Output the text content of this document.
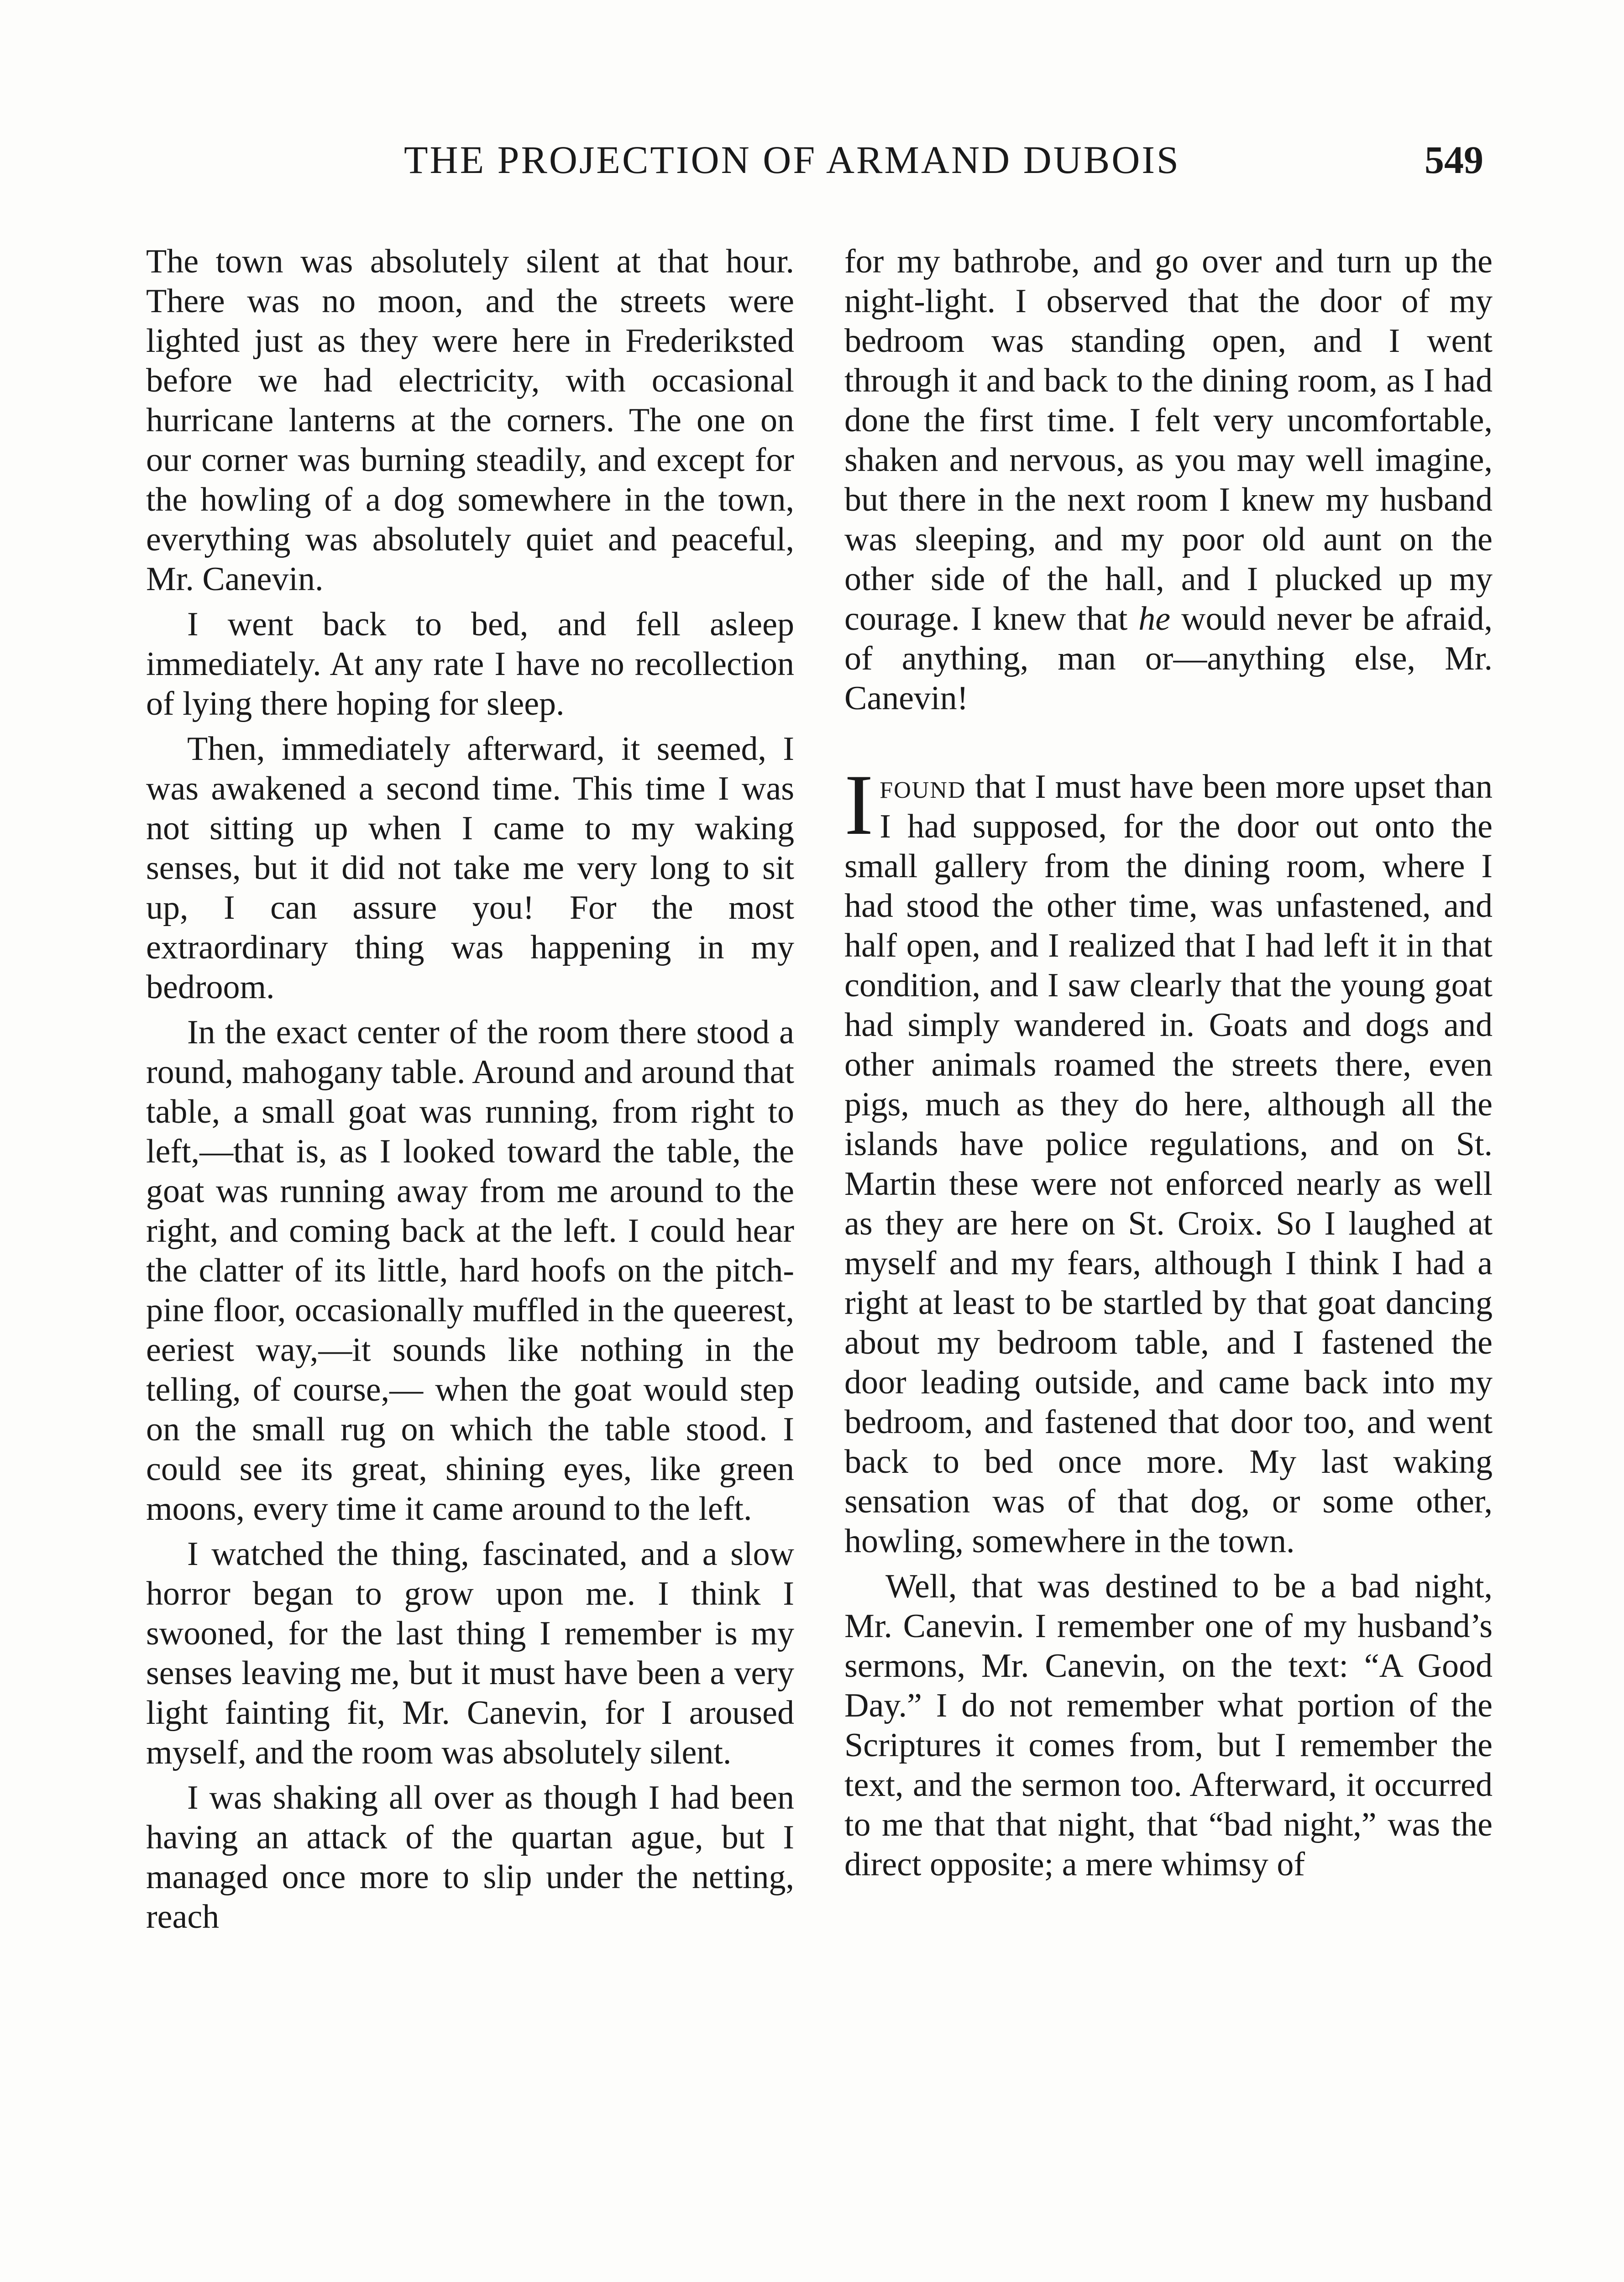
THE PROJECTION OF ARMAND DUBOIS	549

The town was absolutely silent at that hour. There was no moon, and the streets were lighted just as they were here in Frederiksted before we had electricity, with occasional hurricane lanterns at the corners. The one on our corner was burning steadily, and except for the howling of a dog somewhere in the town, everything was absolutely quiet and peaceful, Mr. Canevin.

I went back to bed, and fell asleep immediately. At any rate I have no recollection of lying there hoping for sleep.

Then, immediately afterward, it seemed, I was awakened a second time. This time I was not sitting up when I came to my waking senses, but it did not take me very long to sit up, I can assure you! For the most extraordinary thing was happening in my bedroom.

In the exact center of the room there stood a round, mahogany table. Around and around that table, a small goat was running, from right to left,—that is, as I looked toward the table, the goat was running away from me around to the right, and coming back at the left. I could hear the clatter of its little, hard hoofs on the pitch-pine floor, occasionally muffled in the queerest, eeriest way,—it sounds like nothing in the telling, of course,— when the goat would step on the small rug on which the table stood. I could see its great, shining eyes, like green moons, every time it came around to the left.

I watched the thing, fascinated, and a slow horror began to grow upon me. I think I swooned, for the last thing I remember is my senses leaving me, but it must have been a very light fainting fit, Mr. Canevin, for I aroused myself, and the room was absolutely silent.

I was shaking all over as though I had been having an attack of the quartan ague, but I managed once more to slip under the netting, reach

for my bathrobe, and go over and turn up the night-light. I observed that the door of my bedroom was standing open, and I went through it and back to the dining room, as I had done the first time. I felt very uncomfortable, shaken and nervous, as you may well imagine, but there in the next room I knew my husband was sleeping, and my poor old aunt on the other side of the hall, and I plucked up my courage. I knew that he would never be afraid, of anything, man or—anything else, Mr. Canevin!

Ifound that I must have been more upset than I had supposed, for the door out onto the small gallery from the dining room, where I had stood the other time, was unfastened, and half open, and I realized that I had left it in that condition, and I saw clearly that the young goat had simply wandered in. Goats and dogs and other animals roamed the streets there, even pigs, much as they do here, although all the islands have police regulations, and on St. Martin these were not enforced nearly as well as they are here on St. Croix. So I laughed at myself and my fears, although I think I had a right at least to be startled by that goat dancing about my bedroom table, and I fastened the door leading outside, and came back into my bedroom, and fastened that door too, and went back to bed once more. My last waking sensation was of that dog, or some other, howling, somewhere in the town.

Well, that was destined to be a bad night, Mr. Canevin. I remember one of my husband’s sermons, Mr. Canevin, on the text: “A Good Day.” I do not remember what portion of the Scriptures it comes from, but I remember the text, and the sermon too. Afterward, it occurred to me that that night, that “bad night,” was the direct opposite; a mere whimsy of
